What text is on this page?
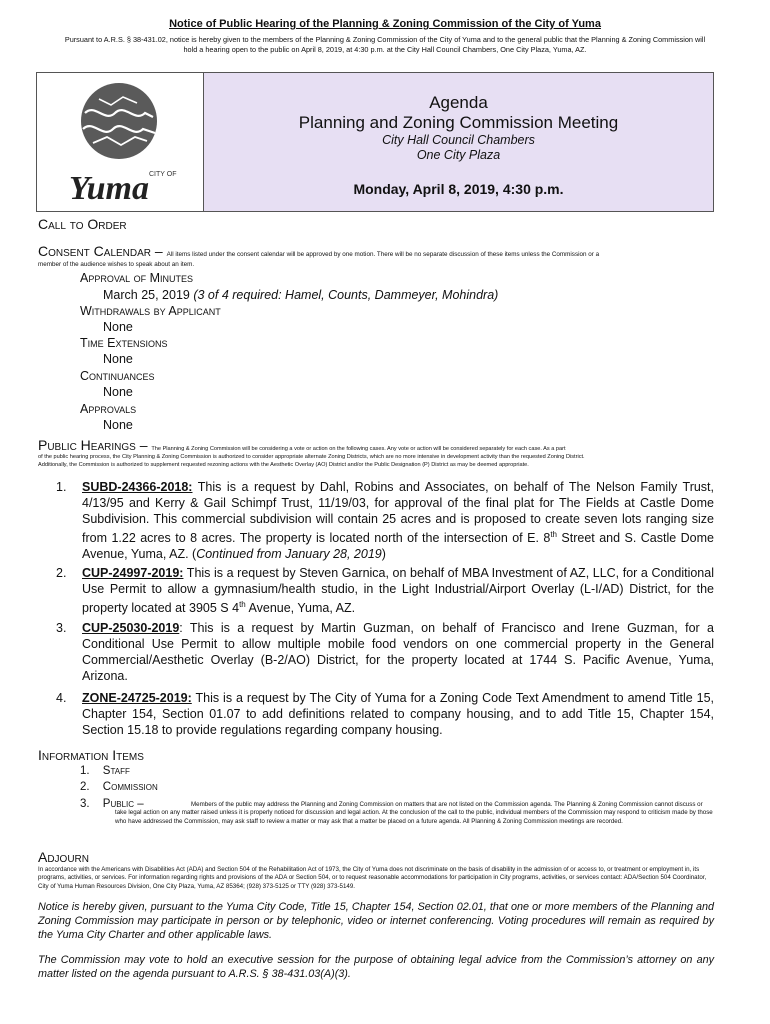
Notice of Public Hearing of the Planning & Zoning Commission of the City of Yuma
Pursuant to A.R.S. § 38-431.02, notice is hereby given to the members of the Planning & Zoning Commission of the City of Yuma and to the general public that the Planning & Zoning Commission will hold a hearing open to the public on April 8, 2019, at 4:30 p.m. at the City Hall Council Chambers, One City Plaza, Yuma, AZ.
CITY OF
Yuma
Agenda
Planning and Zoning Commission Meeting
City Hall Council Chambers
One City Plaza
Monday, April 8, 2019, 4:30 p.m.
Call to Order
Consent Calendar – All items listed under the consent calendar will be approved by one motion. There will be no separate discussion of these items unless the Commission or a
member of the audience wishes to speak about an item.
Approval of Minutes
March 25, 2019 (3 of 4 required: Hamel, Counts, Dammeyer, Mohindra)
Withdrawals by Applicant
None
Time Extensions
None
Continuances
None
Approvals
None
Public Hearings – The Planning & Zoning Commission will be considering a vote or action on the following cases. Any vote or action will be considered separately for each case. As a part
of the public hearing process, the City Planning & Zoning Commission is authorized to consider appropriate alternate Zoning Districts, which are no more intensive in development activity than the requested Zoning District.
Additionally, the Commission is authorized to supplement requested rezoning actions with the Aesthetic Overlay (AO) District and/or the Public Designation (P) District as may be deemed appropriate.
1. SUBD-24366-2018: This is a request by Dahl, Robins and Associates, on behalf of The Nelson Family Trust, 4/13/95 and Kerry & Gail Schimpf Trust, 11/19/03, for approval of the final plat for The Fields at Castle Dome Subdivision. This commercial subdivision will contain 25 acres and is proposed to create seven lots ranging size from 1.22 acres to 8 acres. The property is located north of the intersection of E. 8th Street and S. Castle Dome Avenue, Yuma, AZ. (Continued from January 28, 2019)
2. CUP-24997-2019: This is a request by Steven Garnica, on behalf of MBA Investment of AZ, LLC, for a Conditional Use Permit to allow a gymnasium/health studio, in the Light Industrial/Airport Overlay (L-I/AD) District, for the property located at 3905 S 4th Avenue, Yuma, AZ.
3. CUP-25030-2019: This is a request by Martin Guzman, on behalf of Francisco and Irene Guzman, for a Conditional Use Permit to allow multiple mobile food vendors on one commercial property in the General Commercial/Aesthetic Overlay (B-2/AO) District, for the property located at 1744 S. Pacific Avenue, Yuma, Arizona.
4. ZONE-24725-2019: This is a request by The City of Yuma for a Zoning Code Text Amendment to amend Title 15, Chapter 154, Section 01.07 to add definitions related to company housing, and to add Title 15, Chapter 154, Section 15.18 to provide regulations regarding company housing.
Information Items
1. Staff
2. Commission
3. Public –	Members of the public may address the Planning and Zoning Commission on matters that are not listed on the Commission agenda. The Planning & Zoning Commission cannot discuss or take legal action on any matter raised unless it is properly noticed for discussion and legal action. At the conclusion of the call to the public, individual members of the Commission may respond to criticism made by those who have addressed the Commission, may ask staff to review a matter or may ask that a matter be placed on a future agenda. All Planning & Zoning Commission meetings are recorded.
Adjourn
In accordance with the Americans with Disabilities Act (ADA) and Section 504 of the Rehabilitation Act of 1973, the City of Yuma does not discriminate on the basis of disability in the admission of or access to, or treatment or employment in, its programs, activities, or services. For information regarding rights and provisions of the ADA or Section 504, or to request reasonable accommodations for participation in City programs, activities, or services contact: ADA/Section 504 Coordinator, City of Yuma Human Resources Division, One City Plaza, Yuma, AZ 85364; (928) 373-5125 or TTY (928) 373-5149.
Notice is hereby given, pursuant to the Yuma City Code, Title 15, Chapter 154, Section 02.01, that one or more members of the Planning and Zoning Commission may participate in person or by telephonic, video or internet conferencing. Voting procedures will remain as required by the Yuma City Charter and other applicable laws.
The Commission may vote to hold an executive session for the purpose of obtaining legal advice from the Commission’s attorney on any matter listed on the agenda pursuant to A.R.S. § 38-431.03(A)(3).
